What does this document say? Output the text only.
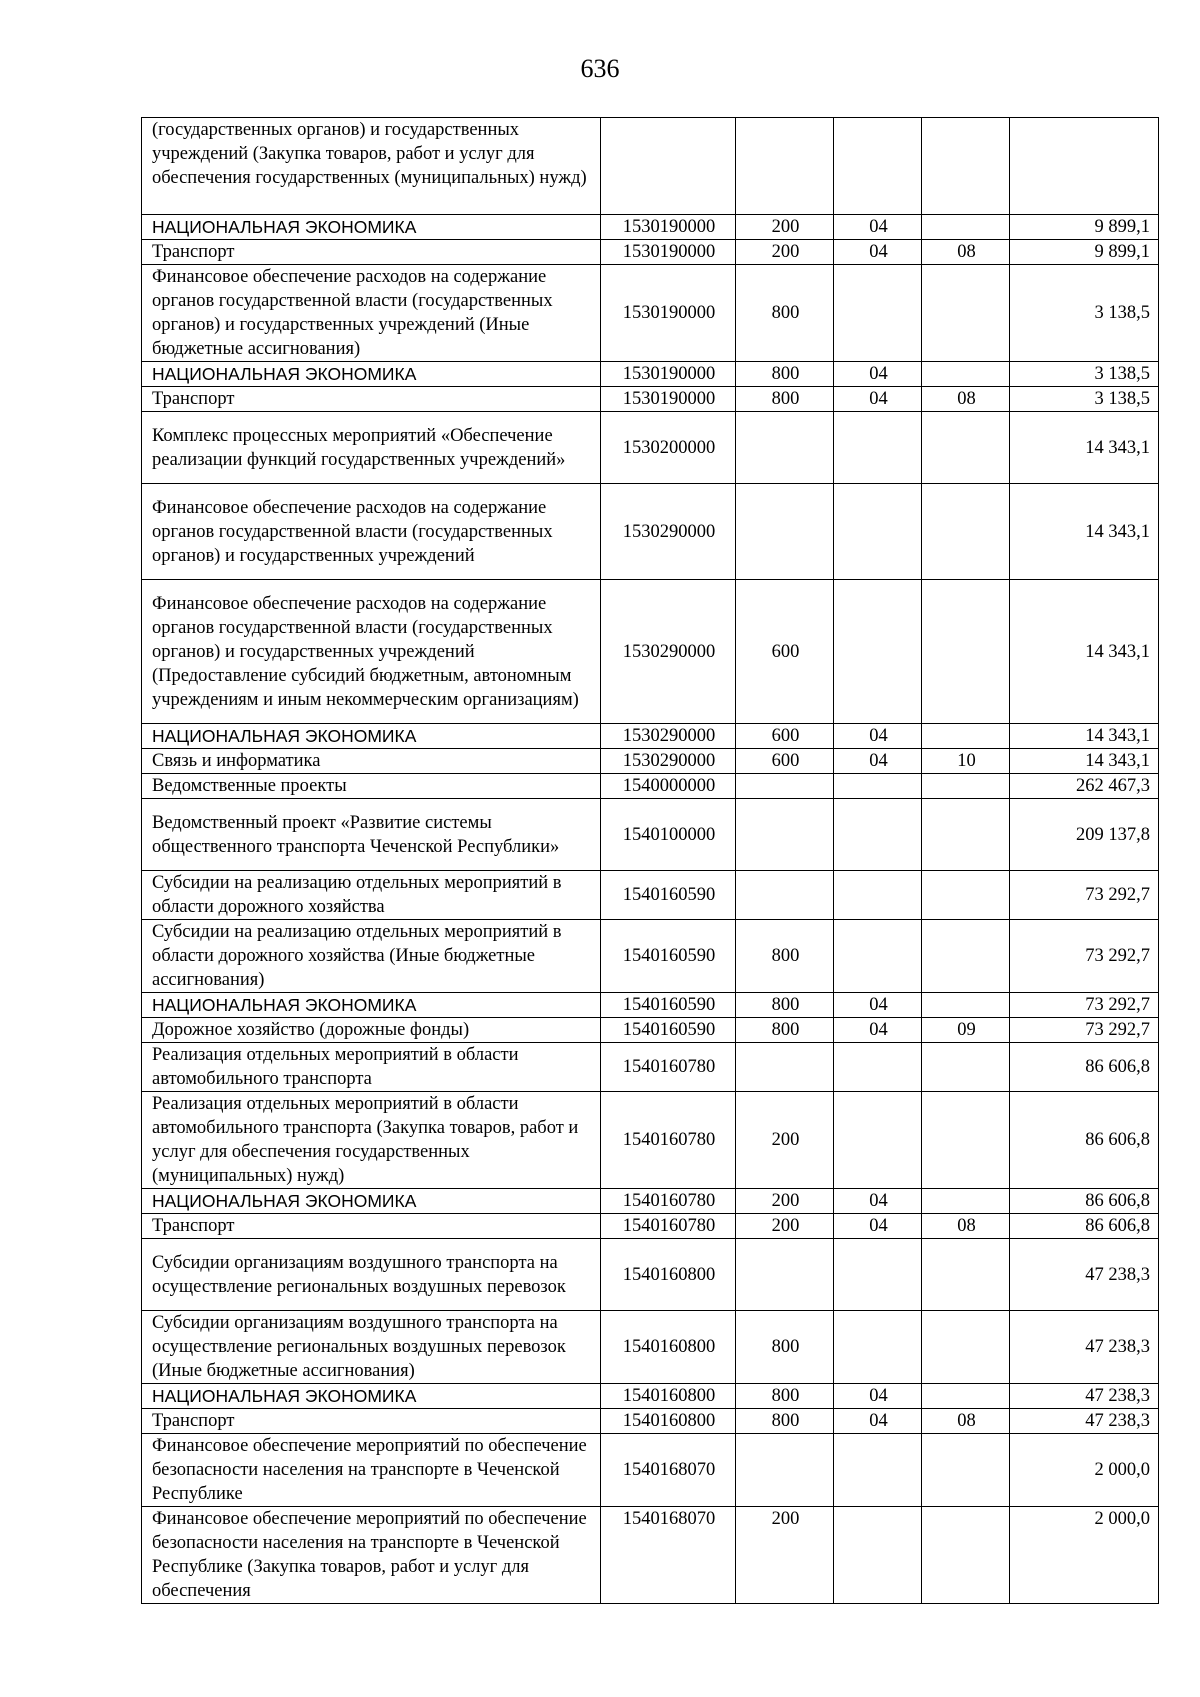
636
(государственных органов) и государственных учреждений (Закупка товаров, работ и услуг для обеспечения государственных (муниципальных) нужд)					
НАЦИОНАЛЬНАЯ ЭКОНОМИКА	1530190000	200	04		9 899,1
Транспорт	1530190000	200	04	08	9 899,1
Финансовое обеспечение расходов на содержание органов государственной власти (государственных органов) и государственных учреждений (Иные бюджетные ассигнования)	1530190000	800			3 138,5
НАЦИОНАЛЬНАЯ ЭКОНОМИКА	1530190000	800	04		3 138,5
Транспорт	1530190000	800	04	08	3 138,5
Комплекс процессных мероприятий «Обеспечение реализации функций государственных учреждений»	1530200000				14 343,1
Финансовое обеспечение расходов на содержание органов государственной власти (государственных органов) и государственных учреждений	1530290000				14 343,1
Финансовое обеспечение расходов на содержание органов государственной власти (государственных органов) и государственных учреждений (Предоставление субсидий бюджетным, автономным учреждениям и иным некоммерческим организациям)	1530290000	600			14 343,1
НАЦИОНАЛЬНАЯ ЭКОНОМИКА	1530290000	600	04		14 343,1
Связь и информатика	1530290000	600	04	10	14 343,1
Ведомственные проекты	1540000000				262 467,3
Ведомственный проект «Развитие системы общественного транспорта Чеченской Республики»	1540100000				209 137,8
Субсидии на реализацию отдельных мероприятий в области дорожного хозяйства	1540160590				73 292,7
Субсидии на реализацию отдельных мероприятий в области дорожного хозяйства (Иные бюджетные ассигнования)	1540160590	800			73 292,7
НАЦИОНАЛЬНАЯ ЭКОНОМИКА	1540160590	800	04		73 292,7
Дорожное хозяйство (дорожные фонды)	1540160590	800	04	09	73 292,7
Реализация отдельных мероприятий в области автомобильного транспорта	1540160780				86 606,8
Реализация отдельных мероприятий в области автомобильного транспорта (Закупка товаров, работ и услуг для обеспечения государственных (муниципальных) нужд)	1540160780	200			86 606,8
НАЦИОНАЛЬНАЯ ЭКОНОМИКА	1540160780	200	04		86 606,8
Транспорт	1540160780	200	04	08	86 606,8
Субсидии организациям воздушного транспорта на осуществление региональных воздушных перевозок	1540160800				47 238,3
Субсидии организациям воздушного транспорта на осуществление региональных воздушных перевозок (Иные бюджетные ассигнования)	1540160800	800			47 238,3
НАЦИОНАЛЬНАЯ ЭКОНОМИКА	1540160800	800	04		47 238,3
Транспорт	1540160800	800	04	08	47 238,3
Финансовое обеспечение мероприятий по обеспечение безопасности населения на транспорте в Чеченской Республике	1540168070				2 000,0
Финансовое обеспечение мероприятий по обеспечение безопасности населения на транспорте в Чеченской Республике (Закупка товаров, работ и услуг для обеспечения	1540168070	200			2 000,0
